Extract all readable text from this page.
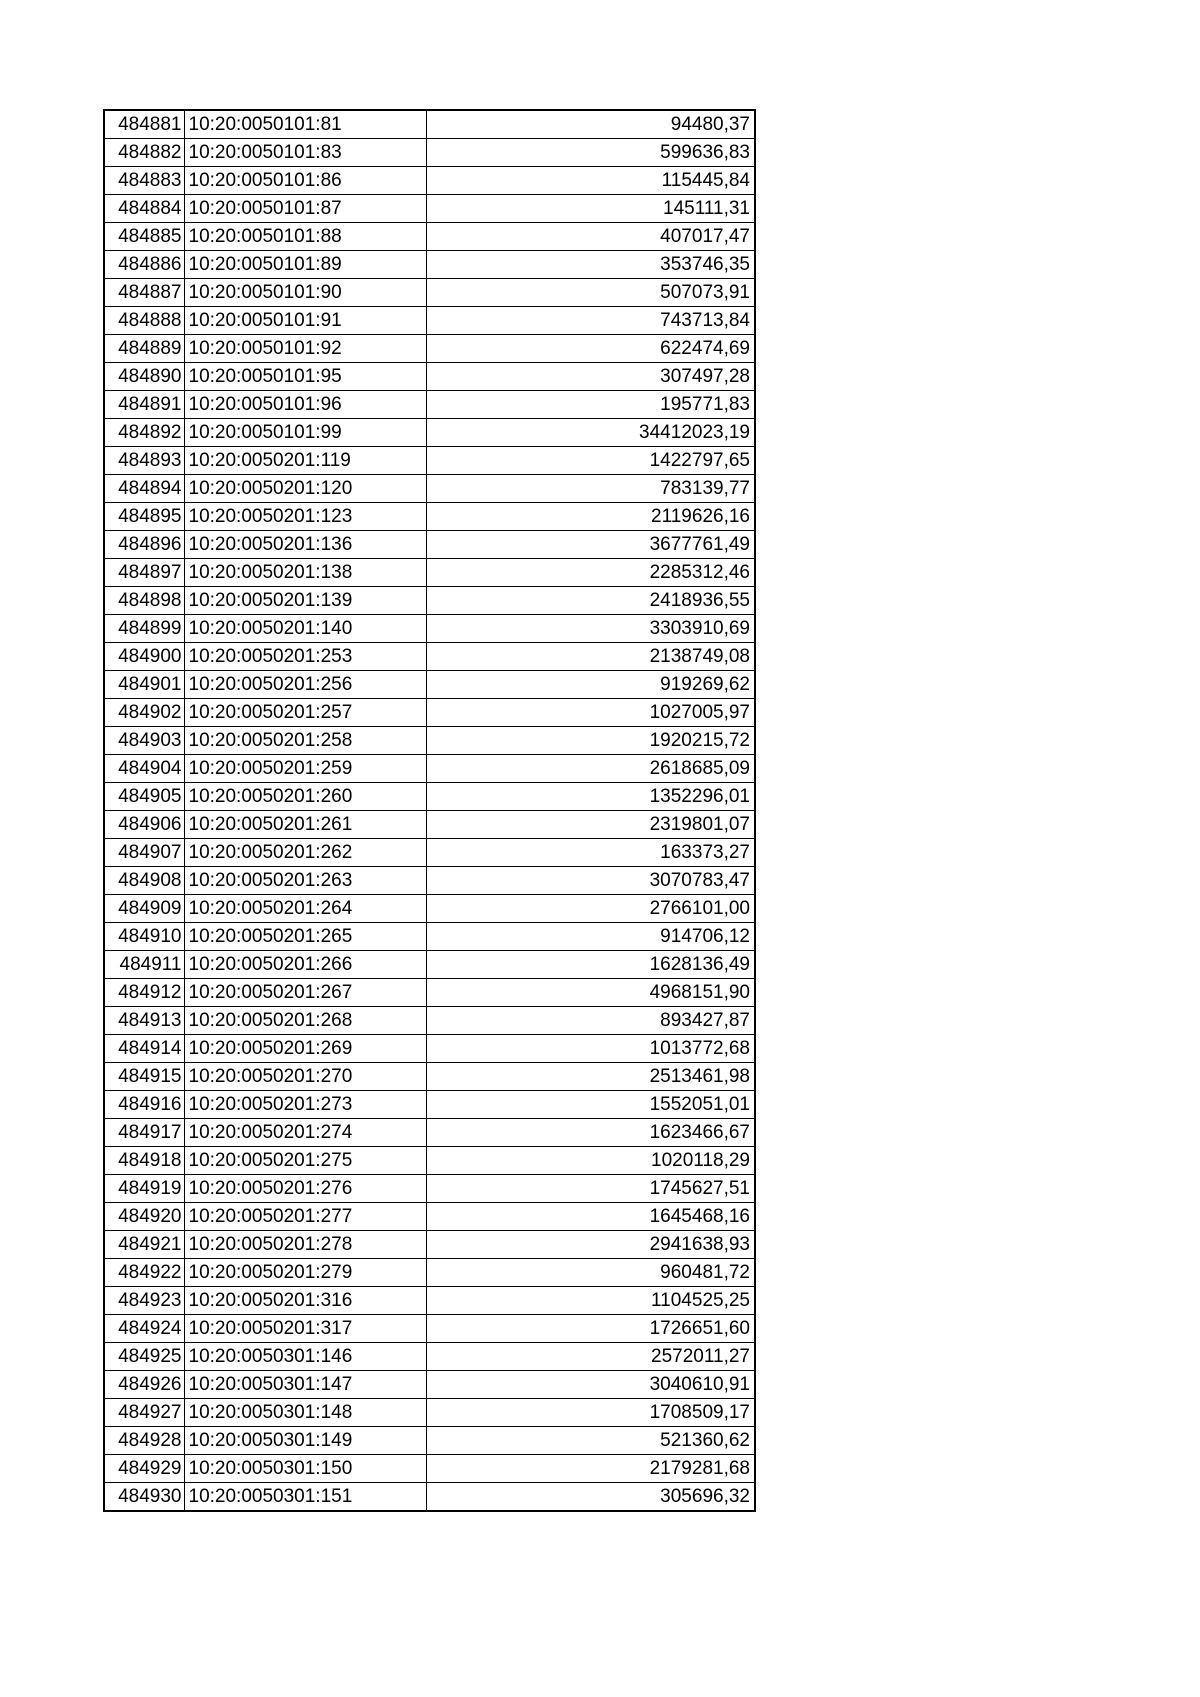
484881	10:20:0050101:81	94480,37
484882	10:20:0050101:83	599636,83
484883	10:20:0050101:86	115445,84
484884	10:20:0050101:87	145111,31
484885	10:20:0050101:88	407017,47
484886	10:20:0050101:89	353746,35
484887	10:20:0050101:90	507073,91
484888	10:20:0050101:91	743713,84
484889	10:20:0050101:92	622474,69
484890	10:20:0050101:95	307497,28
484891	10:20:0050101:96	195771,83
484892	10:20:0050101:99	34412023,19
484893	10:20:0050201:119	1422797,65
484894	10:20:0050201:120	783139,77
484895	10:20:0050201:123	2119626,16
484896	10:20:0050201:136	3677761,49
484897	10:20:0050201:138	2285312,46
484898	10:20:0050201:139	2418936,55
484899	10:20:0050201:140	3303910,69
484900	10:20:0050201:253	2138749,08
484901	10:20:0050201:256	919269,62
484902	10:20:0050201:257	1027005,97
484903	10:20:0050201:258	1920215,72
484904	10:20:0050201:259	2618685,09
484905	10:20:0050201:260	1352296,01
484906	10:20:0050201:261	2319801,07
484907	10:20:0050201:262	163373,27
484908	10:20:0050201:263	3070783,47
484909	10:20:0050201:264	2766101,00
484910	10:20:0050201:265	914706,12
484911	10:20:0050201:266	1628136,49
484912	10:20:0050201:267	4968151,90
484913	10:20:0050201:268	893427,87
484914	10:20:0050201:269	1013772,68
484915	10:20:0050201:270	2513461,98
484916	10:20:0050201:273	1552051,01
484917	10:20:0050201:274	1623466,67
484918	10:20:0050201:275	1020118,29
484919	10:20:0050201:276	1745627,51
484920	10:20:0050201:277	1645468,16
484921	10:20:0050201:278	2941638,93
484922	10:20:0050201:279	960481,72
484923	10:20:0050201:316	1104525,25
484924	10:20:0050201:317	1726651,60
484925	10:20:0050301:146	2572011,27
484926	10:20:0050301:147	3040610,91
484927	10:20:0050301:148	1708509,17
484928	10:20:0050301:149	521360,62
484929	10:20:0050301:150	2179281,68
484930	10:20:0050301:151	305696,32
